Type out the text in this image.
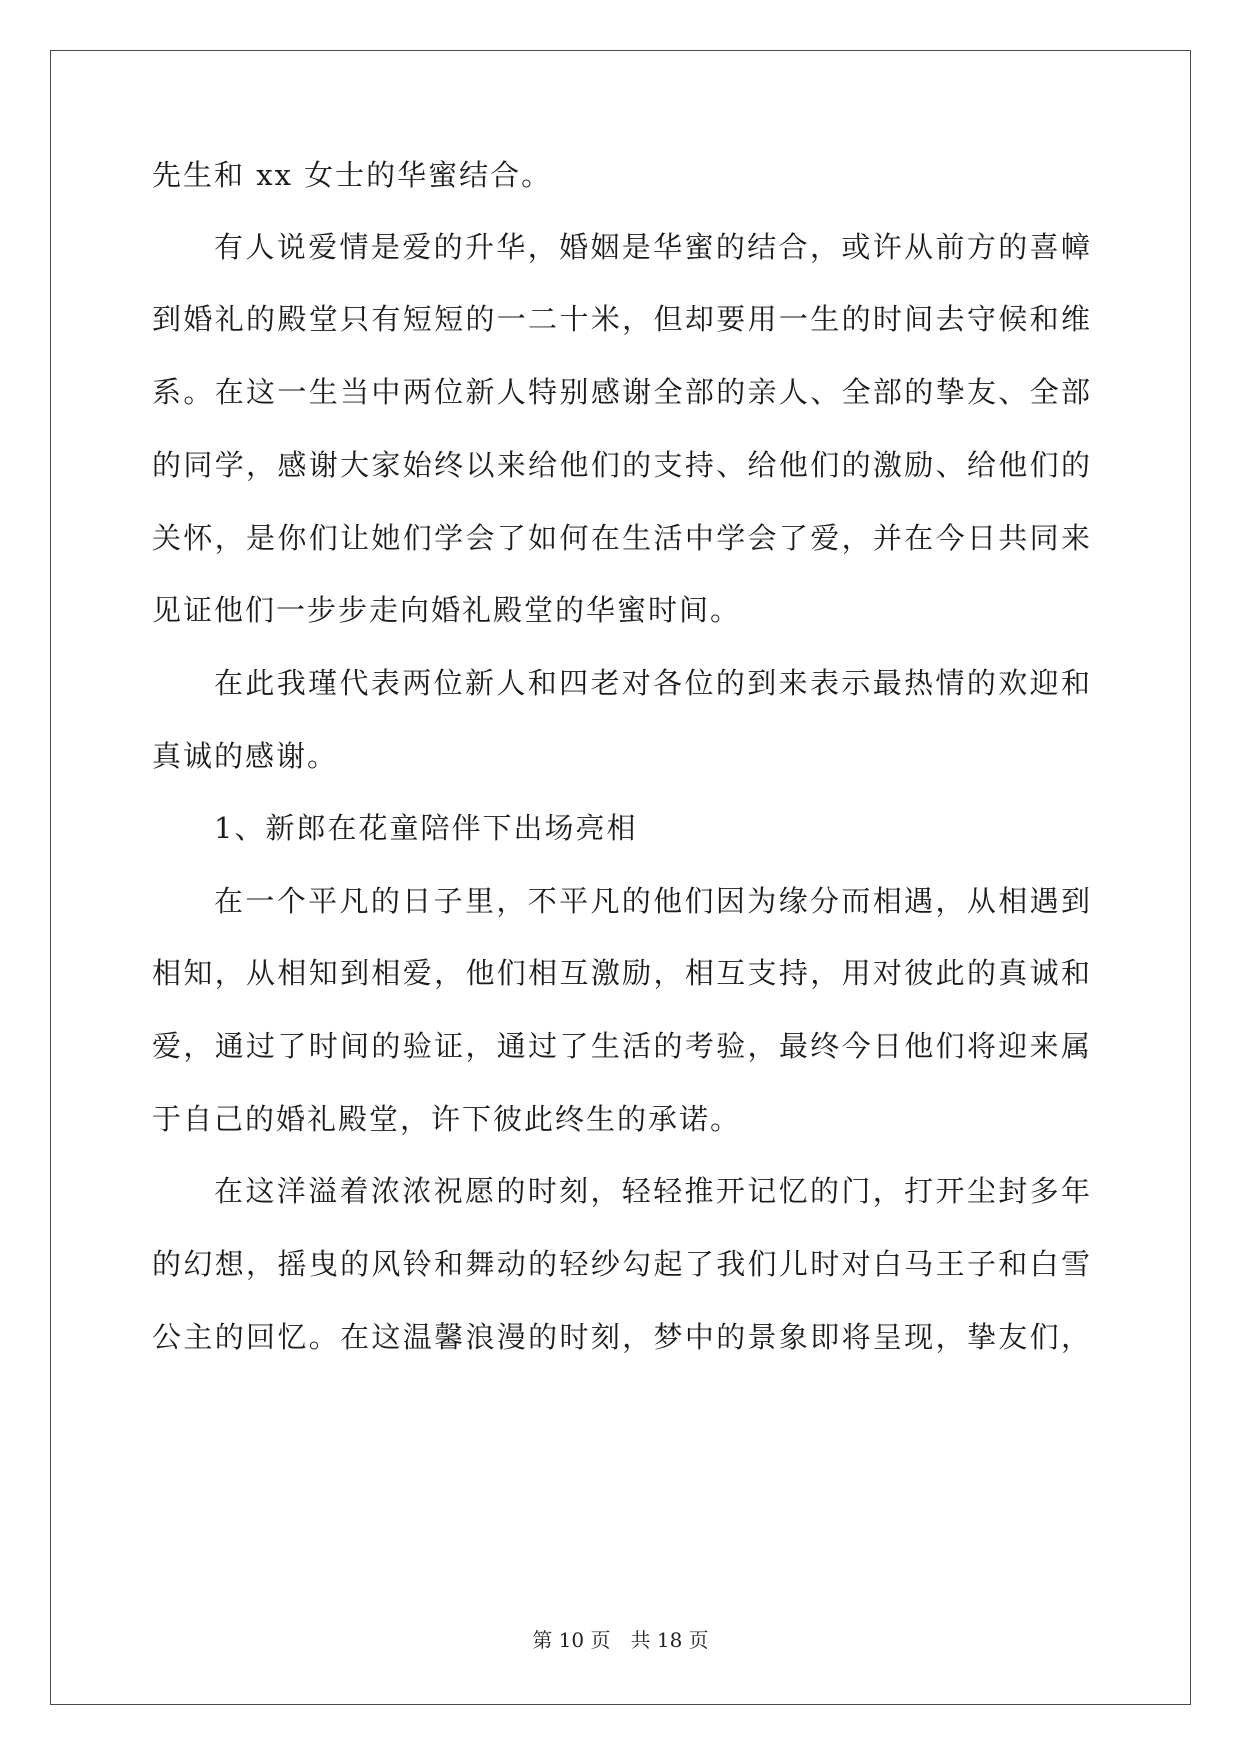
先生和 xx 女士的华蜜结合。
有人说爱情是爱的升华，婚姻是华蜜的结合，或许从前方的喜幛
到婚礼的殿堂只有短短的一二十米，但却要用一生的时间去守候和维
系。在这一生当中两位新人特别感谢全部的亲人、全部的挚友、全部
的同学，感谢大家始终以来给他们的支持、给他们的激励、给他们的
关怀，是你们让她们学会了如何在生活中学会了爱，并在今日共同来
见证他们一步步走向婚礼殿堂的华蜜时间。
在此我瑾代表两位新人和四老对各位的到来表示最热情的欢迎和
真诚的感谢。
1、新郎在花童陪伴下出场亮相
在一个平凡的日子里，不平凡的他们因为缘分而相遇，从相遇到
相知，从相知到相爱，他们相互激励，相互支持，用对彼此的真诚和
爱，通过了时间的验证，通过了生活的考验，最终今日他们将迎来属
于自己的婚礼殿堂，许下彼此终生的承诺。
在这洋溢着浓浓祝愿的时刻，轻轻推开记忆的门，打开尘封多年
的幻想，摇曳的风铃和舞动的轻纱勾起了我们儿时对白马王子和白雪
公主的回忆。在这温馨浪漫的时刻，梦中的景象即将呈现，挚友们，
第 10 页　共 18 页
